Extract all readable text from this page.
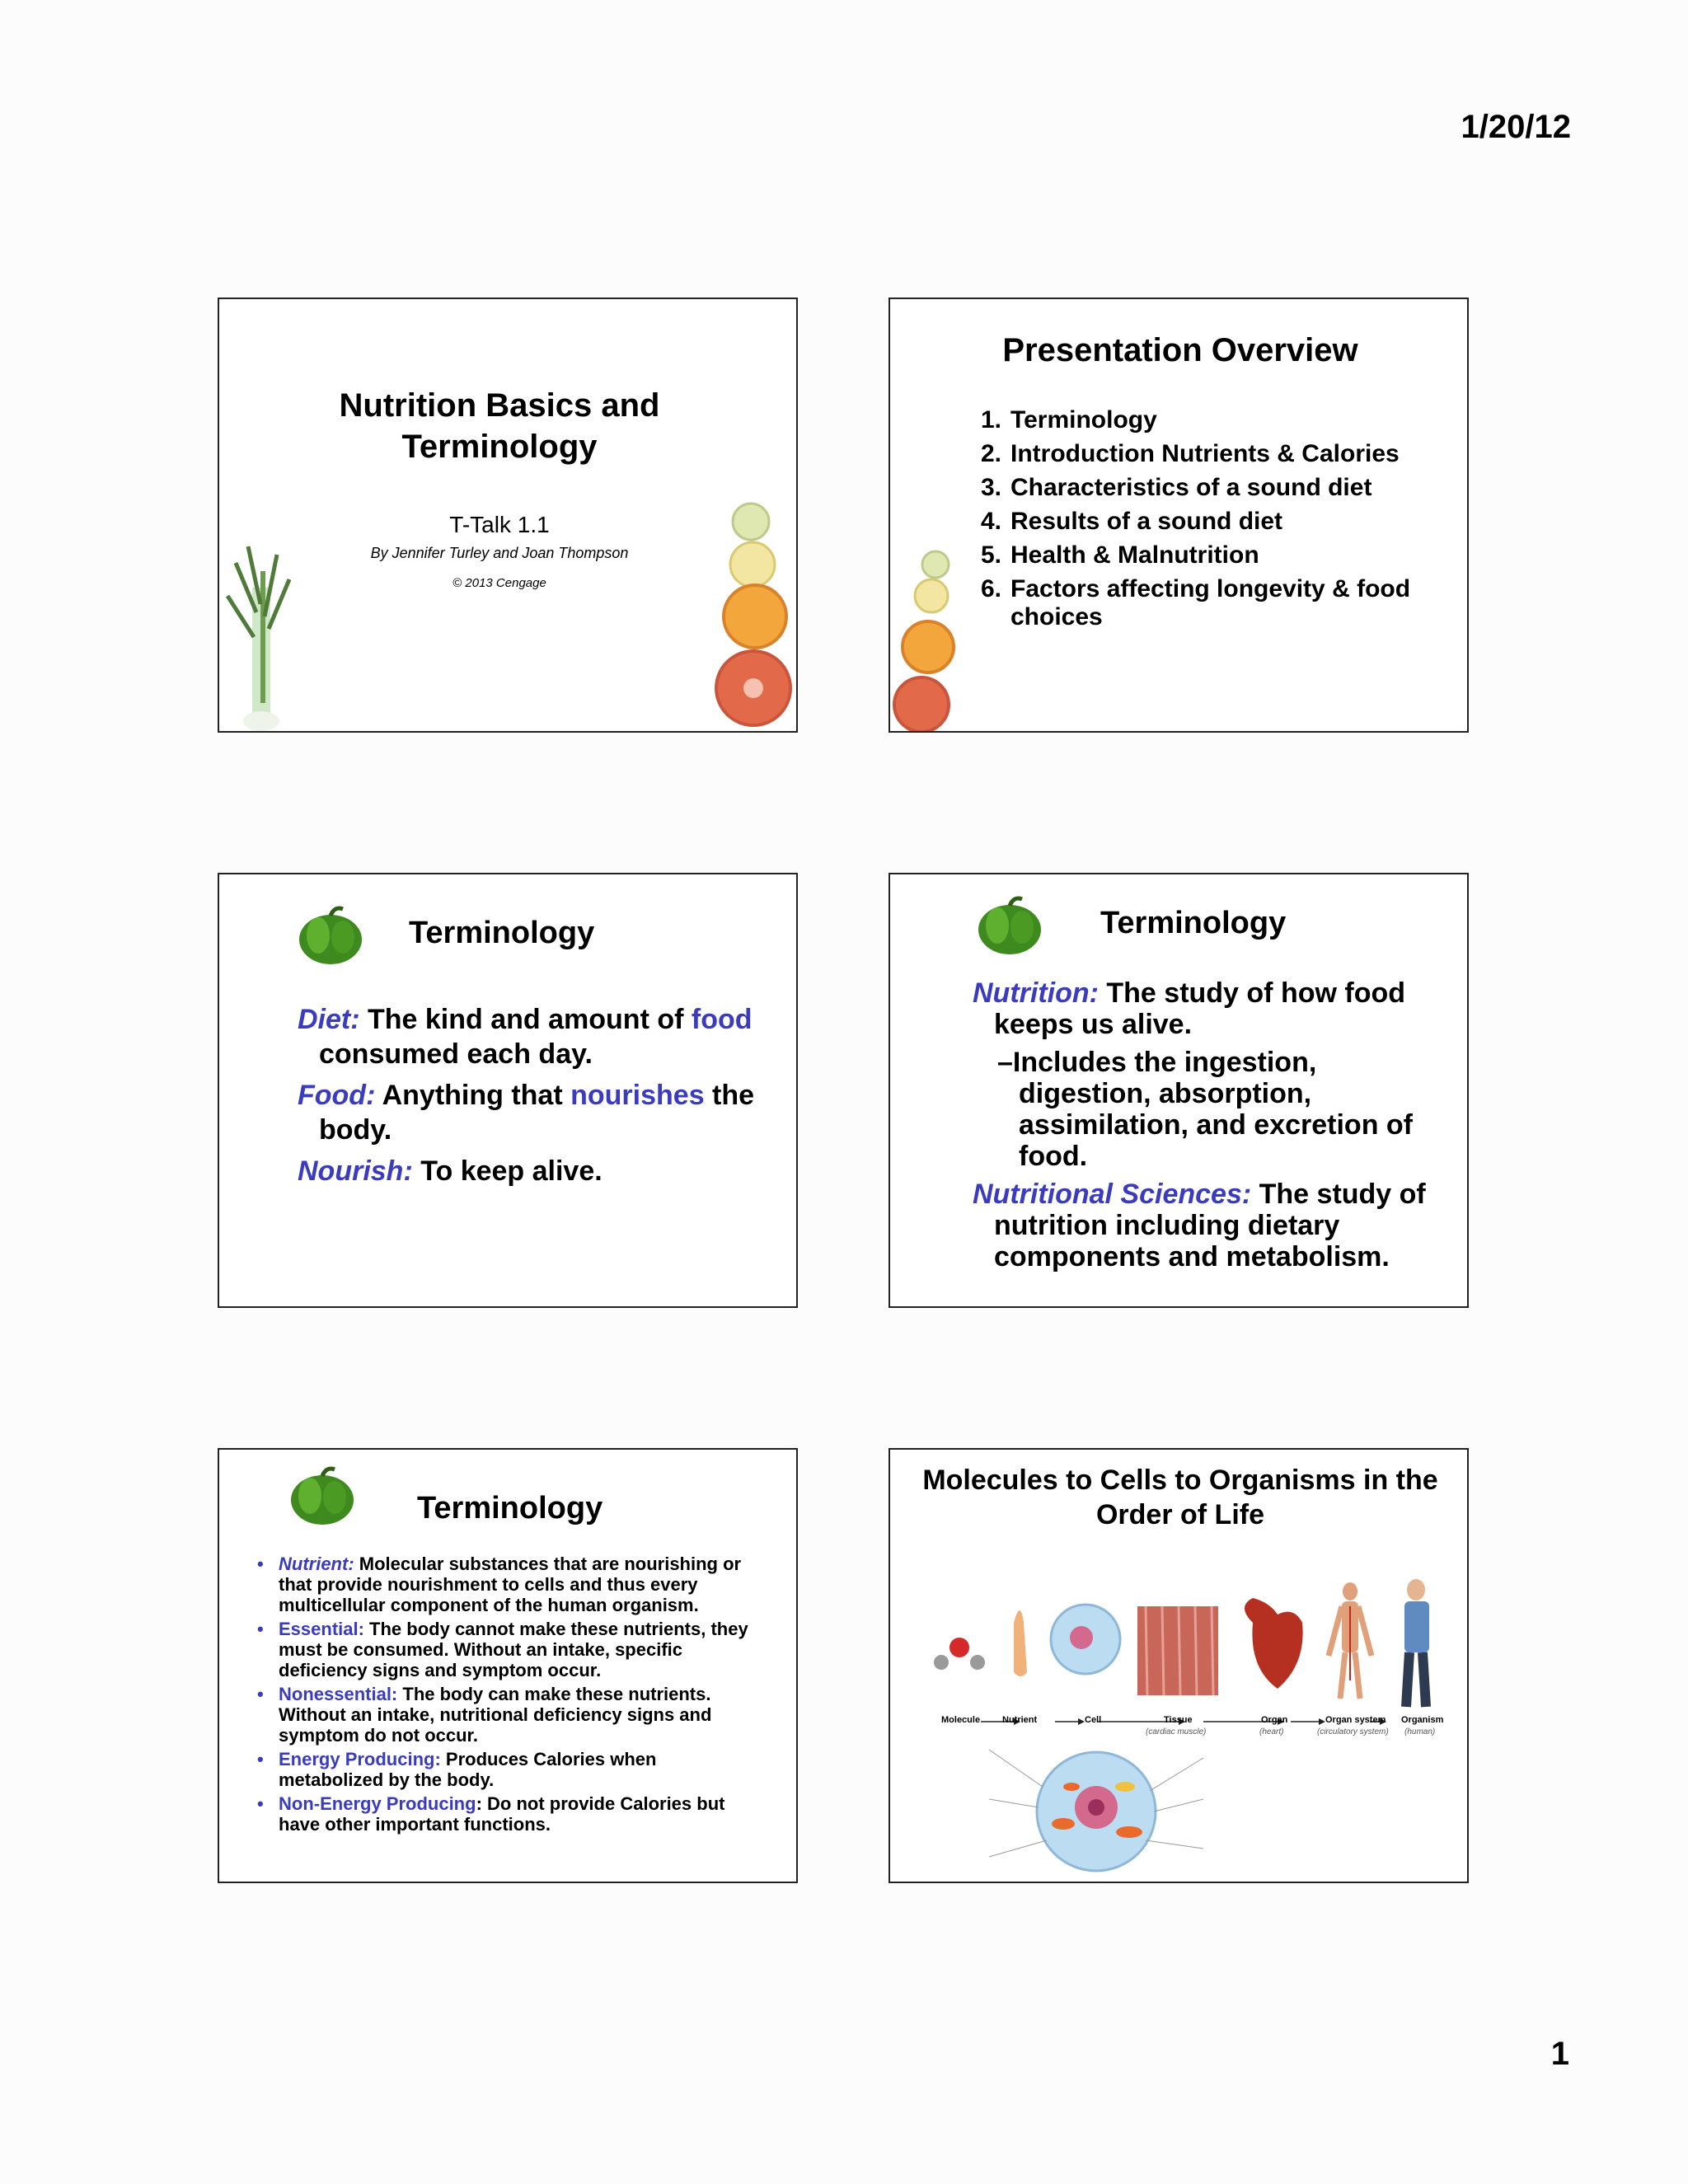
1/20/12
Nutrition Basics and
Terminology
T-Talk 1.1
By Jennifer Turley and Joan Thompson
© 2013 Cengage
Presentation Overview
1. Terminology
2. Introduction Nutrients & Calories
3. Characteristics of a sound diet
4. Results of a sound diet
5. Health & Malnutrition
6. Factors affecting longevity & food choices
Terminology

Diet: The kind and amount of food consumed each day.

Food: Anything that nourishes the body.

Nourish: To keep alive.

Terminology

Nutrition: The study of how food keeps us alive.

–Includes the ingestion, digestion, absorption, assimilation, and excretion of food.

Nutritional Sciences: The study of nutrition including dietary components and metabolism.

Terminology
• Nutrient: Molecular substances that are nourishing or that provide nourishment to cells and thus every multicellular component of the human organism.
• Essential: The body cannot make these nutrients, they must be consumed. Without an intake, specific deficiency signs and symptom occur.
• Nonessential: The body can make these nutrients. Without an intake, nutritional deficiency signs and symptom do not occur.
• Energy Producing: Produces Calories when metabolized by the body.
• Non-Energy Producing: Do not provide Calories but have other important functions.
Molecules to Cells to Organisms in the Order of Life
Molecule Nutrient	Cell	Tissue	Organ	Organ system Organism
(cardiac muscle)	(heart)	(circulatory system) (human)
1
